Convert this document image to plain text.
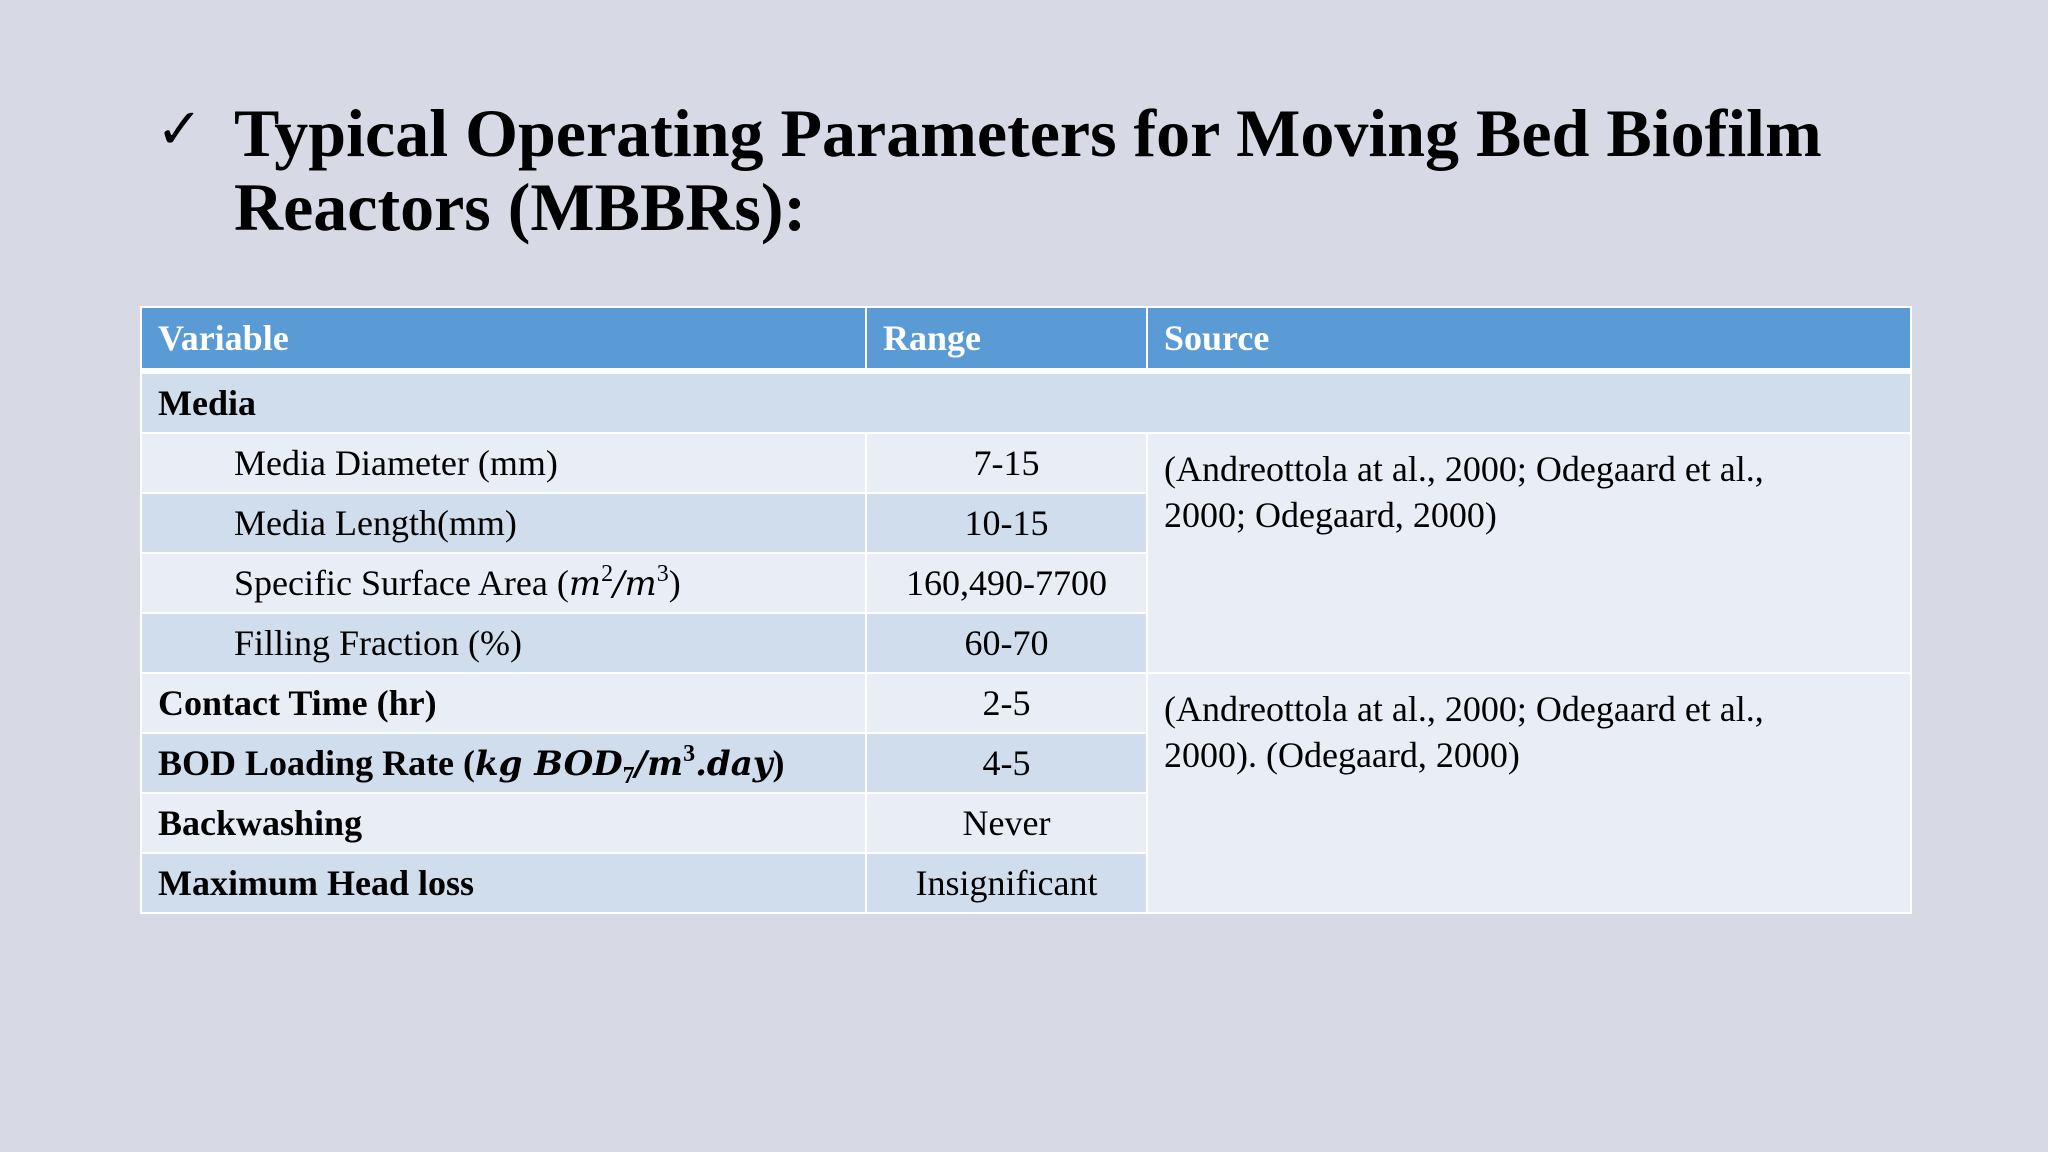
✓ Typical Operating Parameters for Moving Bed Biofilm
Reactors (MBBRs):
Variable	Range	Source
Media		
Media Diameter (mm)	7-15	(Andreottola at al., 2000; Odegaard et al., 2000; Odegaard, 2000)
Media Length(mm)	10-15	
Specific Surface Area $(m^2/m^3)$	160,490-7700	
Filling Fraction (%)	60-70	
Contact Time (hr)	2-5	(Andreottola at al., 2000; Odegaard et al., 2000). (Odegaard, 2000)
BOD Loading Rate (kg $BOD_7/m^3.day$)	4-5	
Backwashing	Never	
Maximum Head loss	Insignificant	
